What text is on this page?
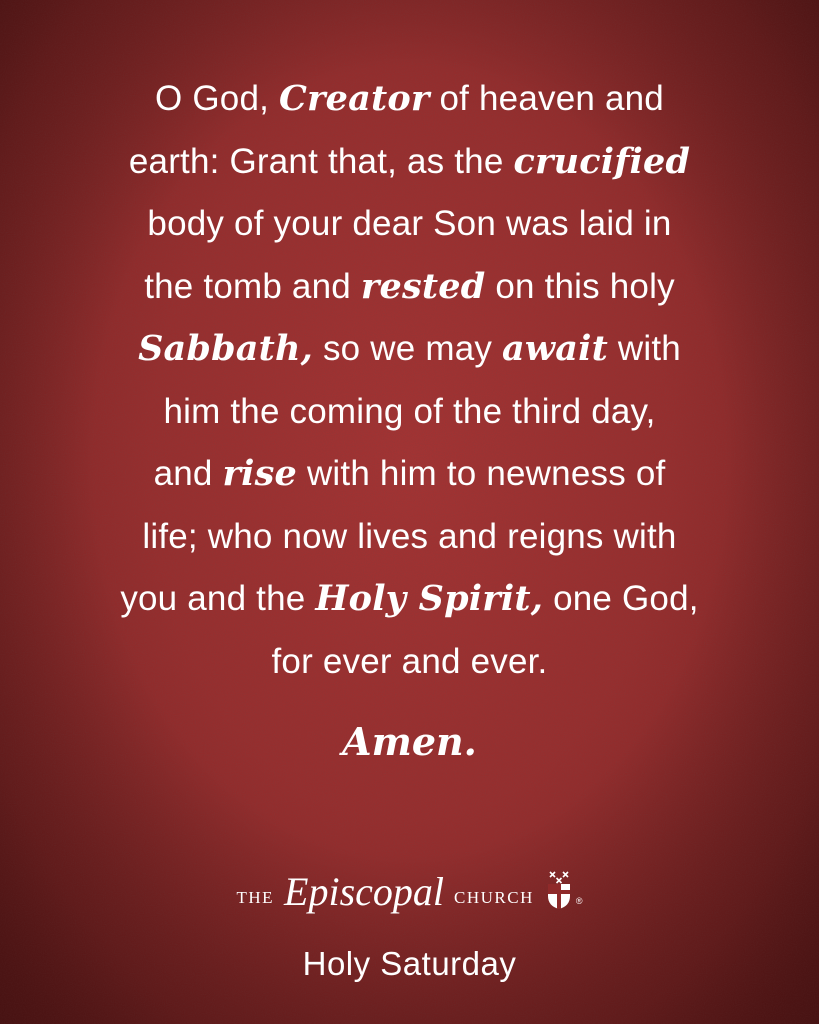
O God, Creator of heaven and
earth: Grant that, as the crucified
body of your dear Son was laid in
the tomb and rested on this holy
Sabbath, so we may await with
him the coming of the third day,
and rise with him to newness of
life; who now lives and reigns with
you and the Holy Spirit, one God,
for ever and ever.
Amen.
THE Episcopal CHURCH	®
Holy Saturday
